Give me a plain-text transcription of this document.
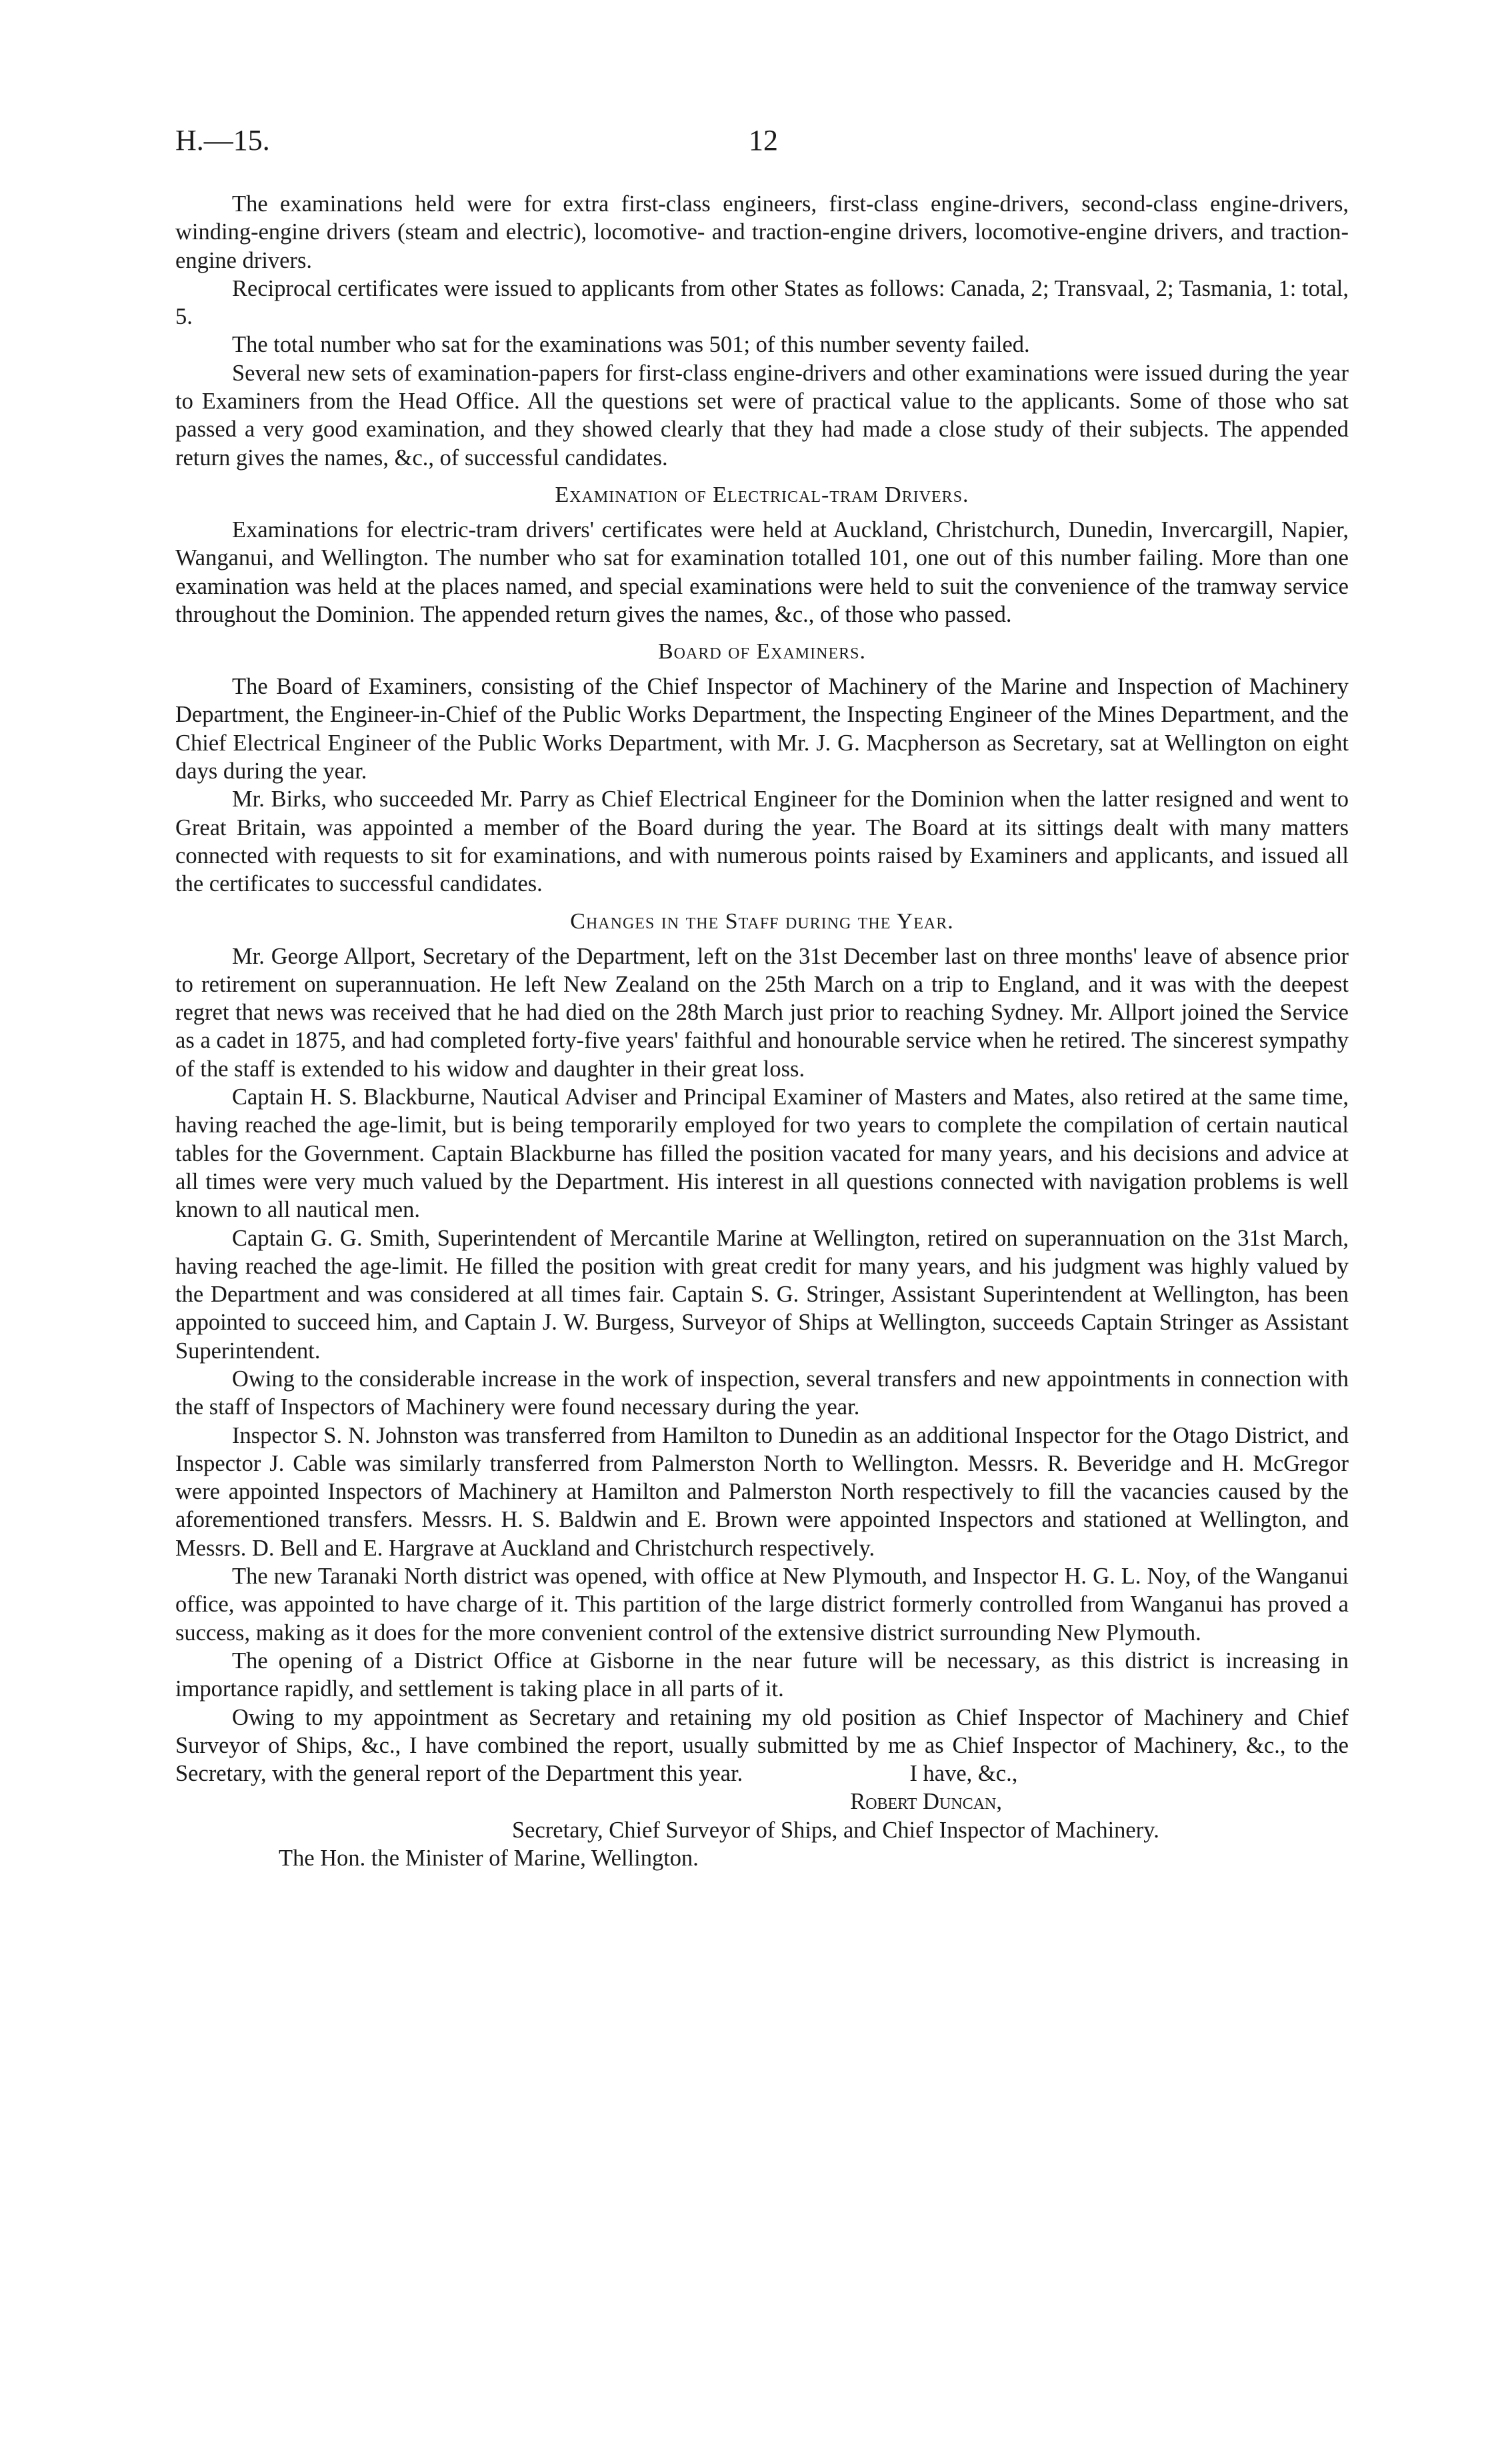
H.—15.	12

The examinations held were for extra first-class engineers, first-class engine-drivers, second-class engine-drivers, winding-engine drivers (steam and electric), locomotive- and traction-engine drivers, locomotive-engine drivers, and traction-engine drivers.

Reciprocal certificates were issued to applicants from other States as follows: Canada, 2; Transvaal, 2; Tasmania, 1: total, 5.

The total number who sat for the examinations was 501; of this number seventy failed.

Several new sets of examination-papers for first-class engine-drivers and other examinations were issued during the year to Examiners from the Head Office. All the questions set were of practical value to the applicants. Some of those who sat passed a very good examination, and they showed clearly that they had made a close study of their subjects. The appended return gives the names, &c., of successful candidates.

Examination of Electrical-tram Drivers.

Examinations for electric-tram drivers' certificates were held at Auckland, Christchurch, Dunedin, Invercargill, Napier, Wanganui, and Wellington. The number who sat for examination totalled 101, one out of this number failing. More than one examination was held at the places named, and special examinations were held to suit the convenience of the tramway service throughout the Dominion. The appended return gives the names, &c., of those who passed.

Board of Examiners.

The Board of Examiners, consisting of the Chief Inspector of Machinery of the Marine and Inspection of Machinery Department, the Engineer-in-Chief of the Public Works Department, the Inspecting Engineer of the Mines Department, and the Chief Electrical Engineer of the Public Works Department, with Mr. J. G. Macpherson as Secretary, sat at Wellington on eight days during the year.

Mr. Birks, who succeeded Mr. Parry as Chief Electrical Engineer for the Dominion when the latter resigned and went to Great Britain, was appointed a member of the Board during the year. The Board at its sittings dealt with many matters connected with requests to sit for examinations, and with numerous points raised by Examiners and applicants, and issued all the certificates to successful candidates.

Changes in the Staff during the Year.

Mr. George Allport, Secretary of the Department, left on the 31st December last on three months' leave of absence prior to retirement on superannuation. He left New Zealand on the 25th March on a trip to England, and it was with the deepest regret that news was received that he had died on the 28th March just prior to reaching Sydney. Mr. Allport joined the Service as a cadet in 1875, and had completed forty-five years' faithful and honourable service when he retired. The sincerest sympathy of the staff is extended to his widow and daughter in their great loss.

Captain H. S. Blackburne, Nautical Adviser and Principal Examiner of Masters and Mates, also retired at the same time, having reached the age-limit, but is being temporarily employed for two years to complete the compilation of certain nautical tables for the Government. Captain Blackburne has filled the position vacated for many years, and his decisions and advice at all times were very much valued by the Department. His interest in all questions connected with navigation problems is well known to all nautical men.

Captain G. G. Smith, Superintendent of Mercantile Marine at Wellington, retired on superannuation on the 31st March, having reached the age-limit. He filled the position with great credit for many years, and his judgment was highly valued by the Department and was considered at all times fair. Captain S. G. Stringer, Assistant Superintendent at Wellington, has been appointed to succeed him, and Captain J. W. Burgess, Surveyor of Ships at Wellington, succeeds Captain Stringer as Assistant Superintendent.

Owing to the considerable increase in the work of inspection, several transfers and new appointments in connection with the staff of Inspectors of Machinery were found necessary during the year.

Inspector S. N. Johnston was transferred from Hamilton to Dunedin as an additional Inspector for the Otago District, and Inspector J. Cable was similarly transferred from Palmerston North to Wellington. Messrs. R. Beveridge and H. McGregor were appointed Inspectors of Machinery at Hamilton and Palmerston North respectively to fill the vacancies caused by the aforementioned transfers. Messrs. H. S. Baldwin and E. Brown were appointed Inspectors and stationed at Wellington, and Messrs. D. Bell and E. Hargrave at Auckland and Christchurch respectively.

The new Taranaki North district was opened, with office at New Plymouth, and Inspector H. G. L. Noy, of the Wanganui office, was appointed to have charge of it. This partition of the large district formerly controlled from Wanganui has proved a success, making as it does for the more convenient control of the extensive district surrounding New Plymouth.

The opening of a District Office at Gisborne in the near future will be necessary, as this district is increasing in importance rapidly, and settlement is taking place in all parts of it.

Owing to my appointment as Secretary and retaining my old position as Chief Inspector of Machinery and Chief Surveyor of Ships, &c., I have combined the report, usually submitted by me as Chief Inspector of Machinery, &c., to the Secretary, with the general report of the Department this year.	I have, &c.,

Robert Duncan,

Secretary, Chief Surveyor of Ships, and Chief Inspector of Machinery.

The Hon. the Minister of Marine, Wellington.
